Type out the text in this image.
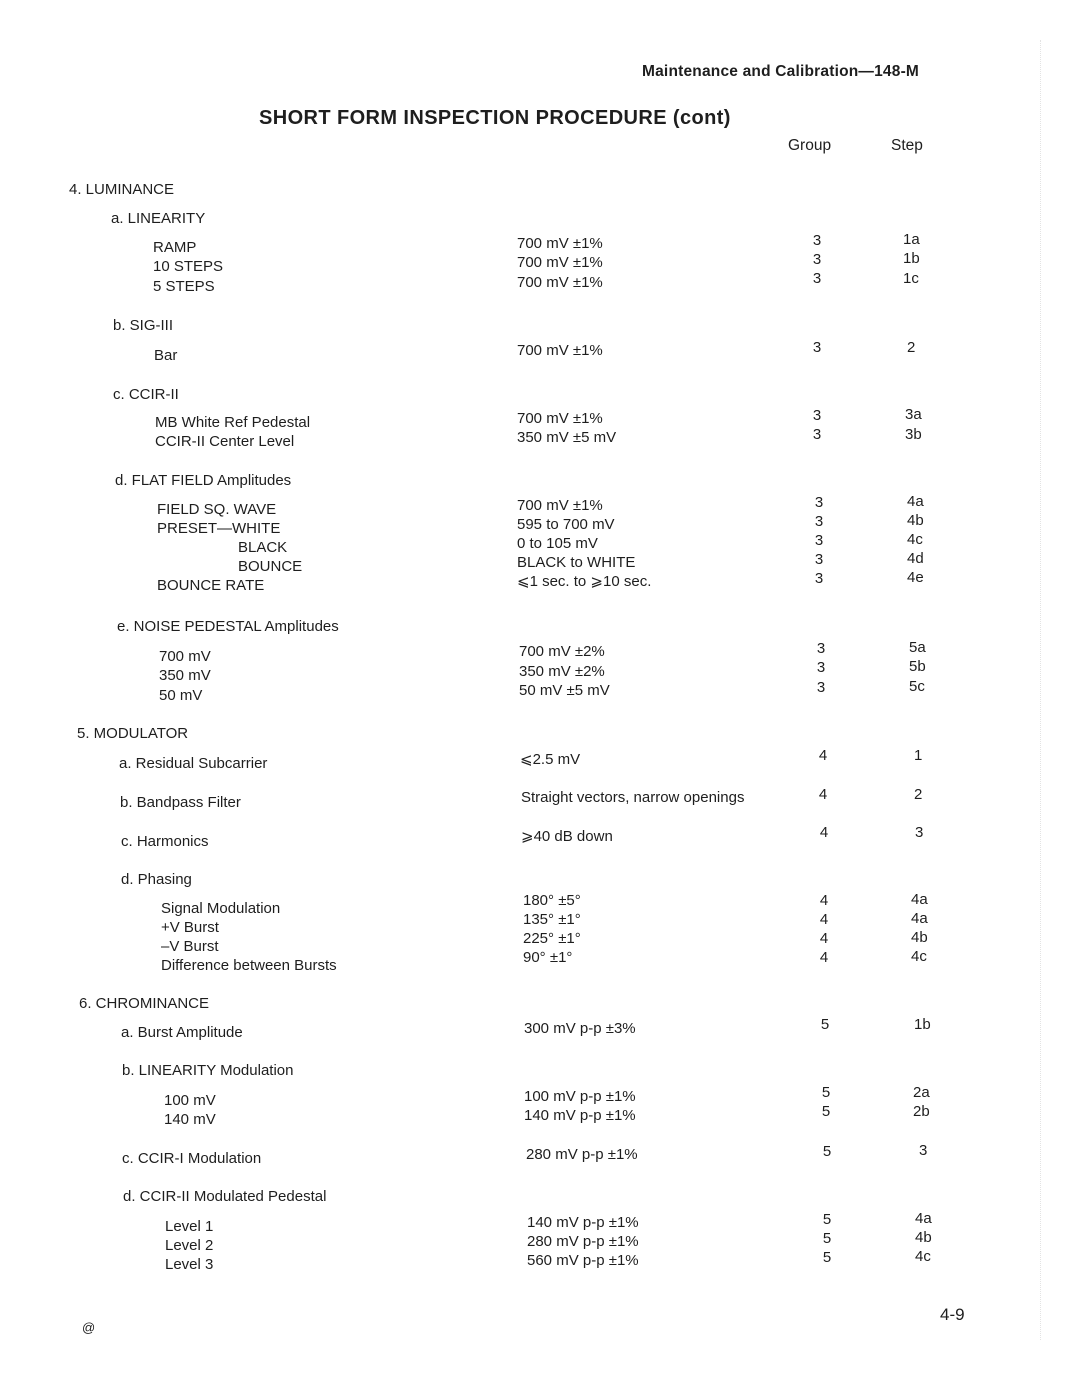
Maintenance and Calibration—148-M
SHORT FORM INSPECTION PROCEDURE (cont)
Group	Step
4. LUMINANCE
a. LINEARITY
RAMP	700 mV ±1%	3	1a
10 STEPS	700 mV ±1%	3	1b
5 STEPS	700 mV ±1%	3	1c
b. SIG-III
Bar	700 mV ±1%	3	2
c. CCIR-II
MB White Ref Pedestal	700 mV ±1%	3	3a
CCIR-II Center Level	350 mV ±5 mV	3	3b
d. FLAT FIELD Amplitudes
FIELD SQ. WAVE	700 mV ±1%	3	4a
PRESET—WHITE	595 to 700 mV	3	4b
BLACK	0 to 105 mV	3	4c
BOUNCE	BLACK to WHITE	3	4d
BOUNCE RATE	⩽1 sec. to ⩾10 sec.	3	4e
e. NOISE PEDESTAL Amplitudes
700 mV	700 mV ±2%	3	5a
350 mV	350 mV ±2%	3	5b
50 mV	50 mV ±5 mV	3	5c
5. MODULATOR
a. Residual Subcarrier	⩽2.5 mV	4	1
b. Bandpass Filter	Straight vectors, narrow openings	4	2
c. Harmonics	⩾40 dB down	4	3
d. Phasing
Signal Modulation	180° ±5°	4	4a
+V Burst	135° ±1°	4	4a
–V Burst	225° ±1°	4	4b
Difference between Bursts	90° ±1°	4	4c
6. CHROMINANCE
a. Burst Amplitude	300 mV p-p ±3%	5	1b
b. LINEARITY Modulation
100 mV	100 mV p-p ±1%	5	2a
140 mV	140 mV p-p ±1%	5	2b
c. CCIR-I Modulation	280 mV p-p ±1%	5	3
d. CCIR-II Modulated Pedestal
Level 1	140 mV p-p ±1%	5	4a
Level 2	280 mV p-p ±1%	5	4b
Level 3	560 mV p-p ±1%	5	4c
@
4-9
